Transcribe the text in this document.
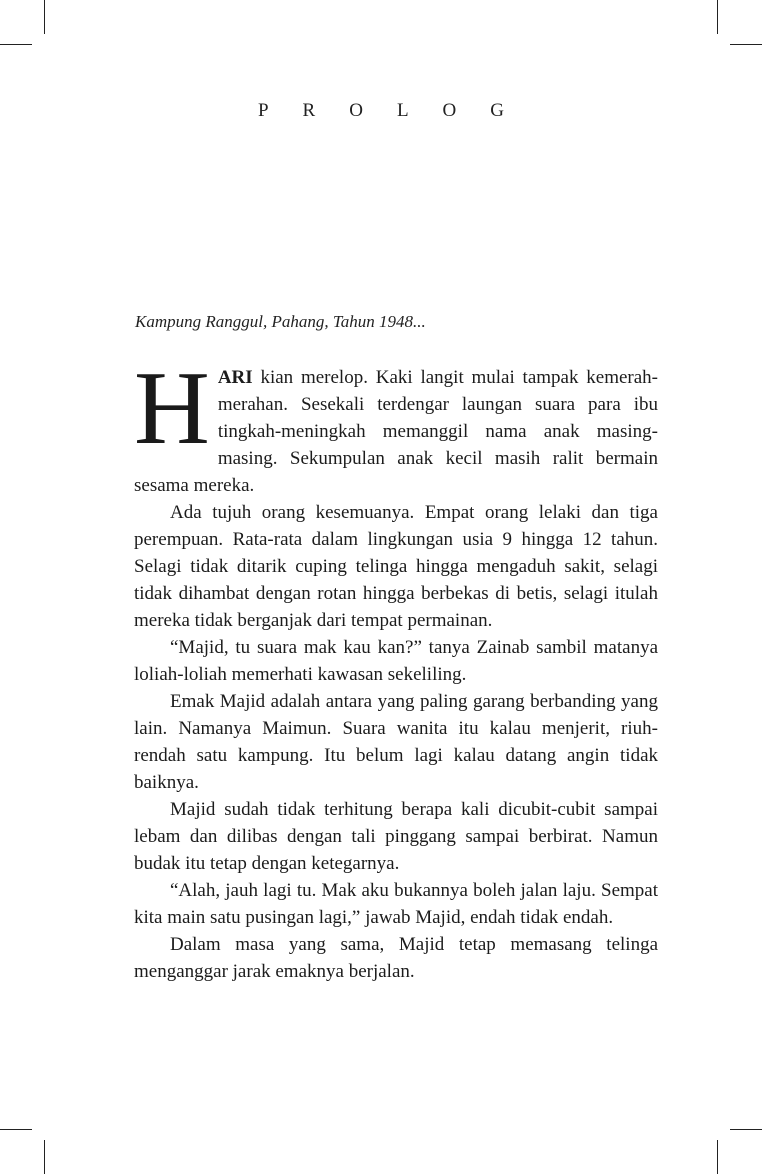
PROLOG
Kampung Ranggul, Pahang, Tahun 1948...

HARI kian merelop. Kaki langit mulai tampak kemerah-merahan. Sesekali terdengar laungan suara para ibu tingkah-meningkah memanggil nama anak masing-masing. Sekumpulan anak kecil masih ralit bermain sesama mereka.

Ada tujuh orang kesemuanya. Empat orang lelaki dan tiga perempuan. Rata-rata dalam lingkungan usia 9 hingga 12 tahun. Selagi tidak ditarik cuping telinga hingga mengaduh sakit, selagi tidak dihambat dengan rotan hingga berbekas di betis, selagi itulah mereka tidak berganjak dari tempat permainan.

“Majid, tu suara mak kau kan?” tanya Zainab sambil matanya loliah-loliah memerhati kawasan sekeliling.

Emak Majid adalah antara yang paling garang berbanding yang lain. Namanya Maimun. Suara wanita itu kalau menjerit, riuh-rendah satu kampung. Itu belum lagi kalau datang angin tidak baiknya.

Majid sudah tidak terhitung berapa kali dicubit-cubit sampai lebam dan dilibas dengan tali pinggang sampai berbirat. Namun budak itu tetap dengan ketegarnya.

“Alah, jauh lagi tu. Mak aku bukannya boleh jalan laju. Sempat kita main satu pusingan lagi,” jawab Majid, endah tidak endah.

Dalam masa yang sama, Majid tetap memasang telinga menganggar jarak emaknya berjalan.
